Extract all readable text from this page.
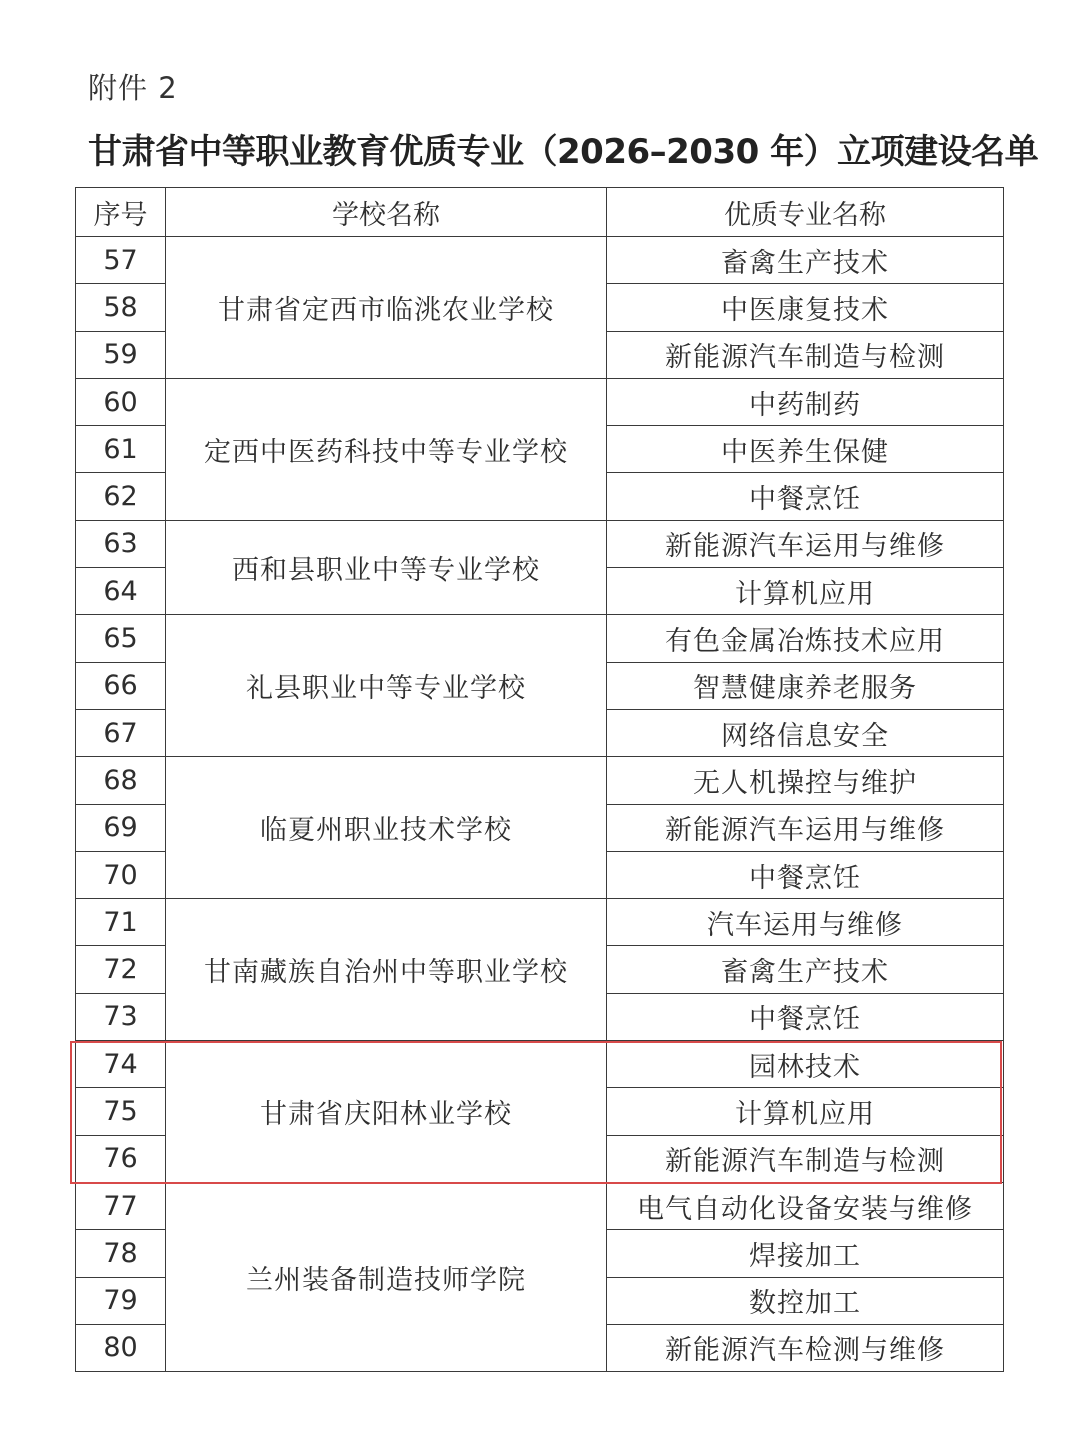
附件 2
甘肃省中等职业教育优质专业（2026–2030 年）立项建设名单
序号	学校名称	优质专业名称
57	甘肃省定西市临洮农业学校	畜禽生产技术
58		中医康复技术
59		新能源汽车制造与检测
60	定西中医药科技中等专业学校	中药制药
61		中医养生保健
62		中餐烹饪
63	西和县职业中等专业学校	新能源汽车运用与维修
64		计算机应用
65	礼县职业中等专业学校	有色金属冶炼技术应用
66		智慧健康养老服务
67		网络信息安全
68	临夏州职业技术学校	无人机操控与维护
69		新能源汽车运用与维修
70		中餐烹饪
71	甘南藏族自治州中等职业学校	汽车运用与维修
72		畜禽生产技术
73		中餐烹饪
74	甘肃省庆阳林业学校	园林技术
75		计算机应用
76		新能源汽车制造与检测
77	兰州装备制造技师学院	电气自动化设备安装与维修
78		焊接加工
79		数控加工
80		新能源汽车检测与维修
